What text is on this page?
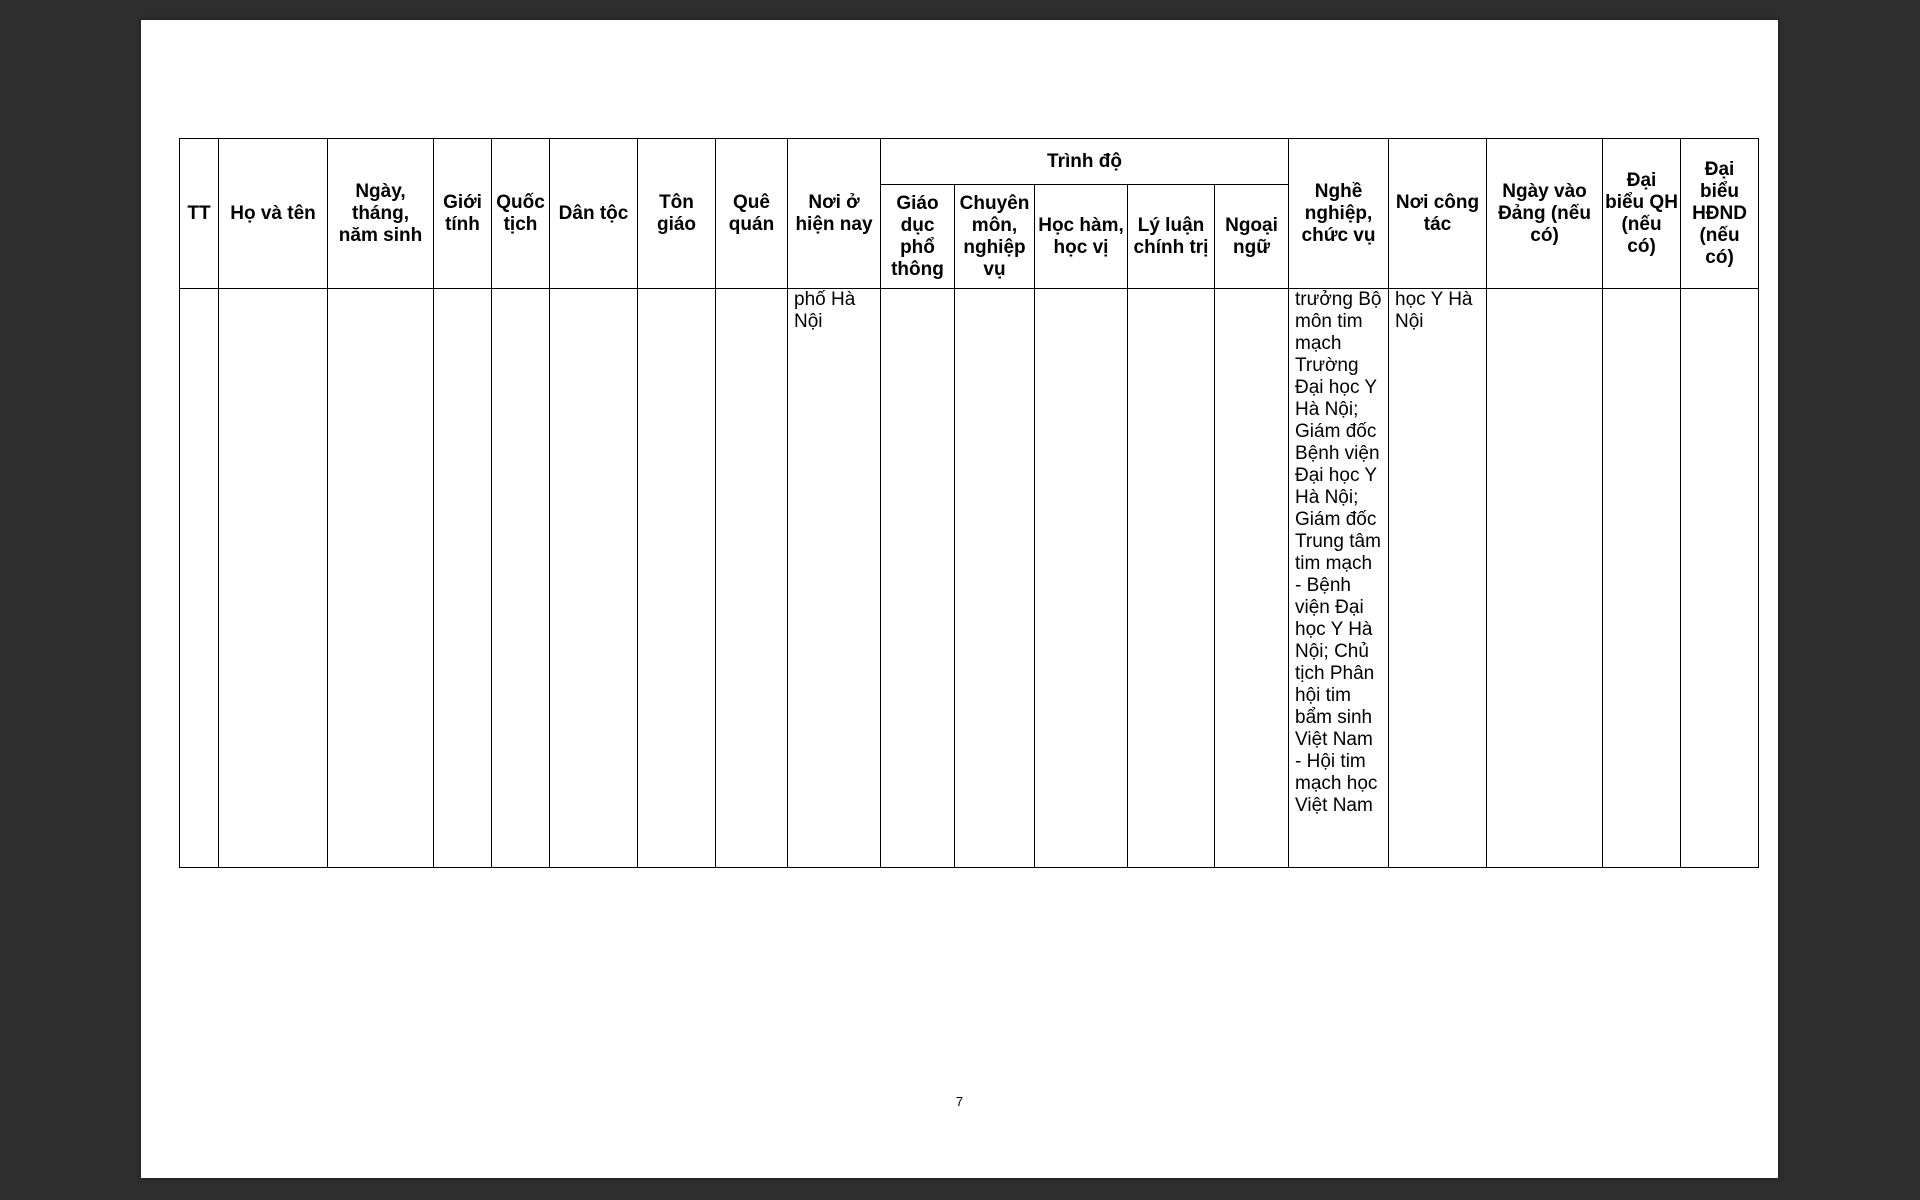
TT	Họ và tên	Ngày, tháng, năm sinh	Giới tính	Quốc tịch	Dân tộc	Tôn giáo	Quê quán	Nơi ở hiện nay	Trình độ					Nghề nghiệp, chức vụ	Nơi công tác	Ngày vào Đảng (nếu có)	Đại biểu QH (nếu có)	Đại biểu HĐND (nếu có)
									Giáo dục phổ thông	Chuyên môn, nghiệp vụ	Học hàm, học vị	Lý luận chính trị	Ngoại ngữ					
								phố Hà Nội						trưởng Bộ môn tim mạch Trường Đại học Y Hà Nội; Giám đốc Bệnh viện Đại học Y Hà Nội; Giám đốc Trung tâm tim mạch - Bệnh viện Đại học Y Hà Nội; Chủ tịch Phân hội tim bẩm sinh Việt Nam - Hội tim mạch học Việt Nam	học Y Hà Nội			
7
